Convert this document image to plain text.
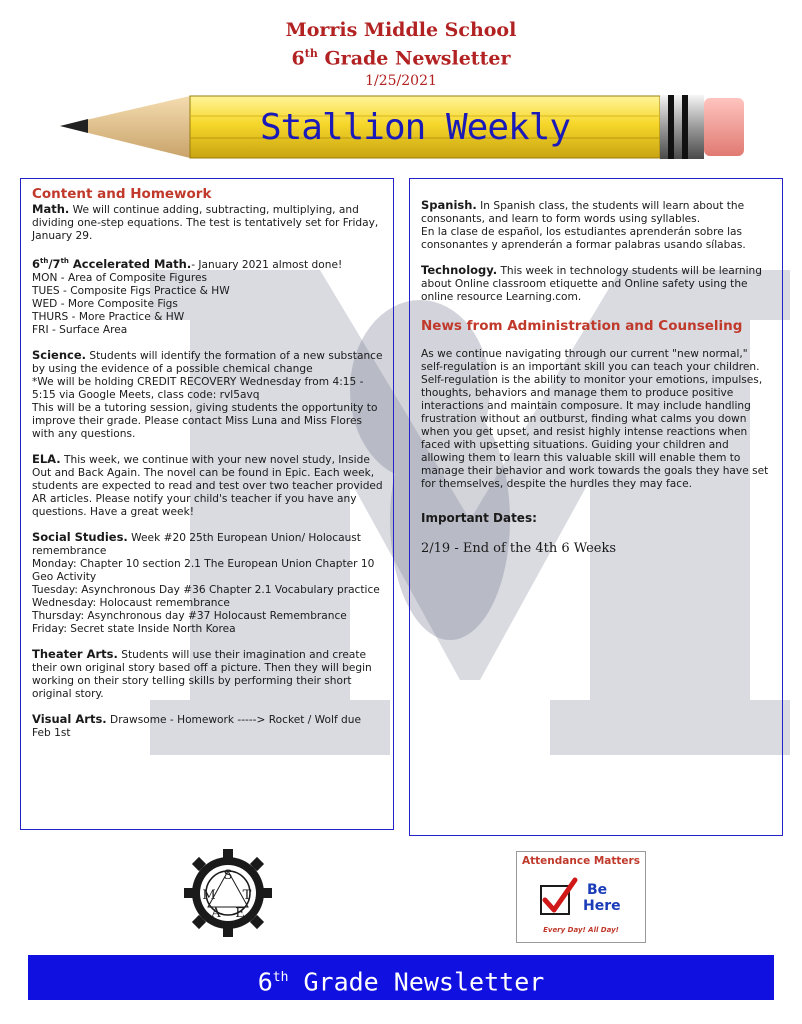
Morris Middle School
6th Grade Newsletter
1/25/2021
Stallion Weekly
Content and Homework

Math. We will continue adding, subtracting, multiplying, and dividing one-step equations. The test is tentatively set for Friday, January 29.

6th/7th Accelerated Math.- January 2021 almost done!
MON - Area of Composite Figures
TUES - Composite Figs Practice & HW
WED - More Composite Figs
THURS - More Practice & HW
FRI - Surface Area

Science. Students will identify the formation of a new substance by using the evidence of a possible chemical change
*We will be holding CREDIT RECOVERY Wednesday from 4:15 - 5:15 via Google Meets, class code: rvl5avq
This will be a tutoring session, giving students the opportunity to improve their grade. Please contact Miss Luna and Miss Flores with any questions.

ELA. This week, we continue with your new novel study, Inside Out and Back Again. The novel can be found in Epic. Each week, students are expected to read and test over two teacher provided AR articles. Please notify your child's teacher if you have any questions. Have a great week!

Social Studies. Week #20 25th European Union/ Holocaust remembrance
Monday: Chapter 10 section 2.1 The European Union Chapter 10 Geo Activity
Tuesday: Asynchronous Day #36 Chapter 2.1 Vocabulary practice
Wednesday: Holocaust remembrance
Thursday: Asynchronous day #37 Holocaust Remembrance
Friday: Secret state Inside North Korea

Theater Arts. Students will use their imagination and create their own original story based off a picture. Then they will begin working on their story telling skills by performing their short original story.

Visual Arts. Drawsome - Homework -----> Rocket / Wolf due Feb 1st

Spanish. In Spanish class, the students will learn about the consonants, and learn to form words using syllables.
En la clase de español, los estudiantes aprenderán sobre las consonantes y aprenderán a formar palabras usando sílabas.

Technology. This week in technology students will be learning about Online classroom etiquette and Online safety using the online resource Learning.com.

News from Administration and Counseling

As we continue navigating through our current "new normal," self-regulation is an important skill you can teach your children. Self-regulation is the ability to monitor your emotions, impulses, thoughts, behaviors and manage them to produce positive interactions and maintain composure. It may include handling frustration without an outburst, finding what calms you down when you get upset, and resist highly intense reactions when faced with upsetting situations. Guiding your children and allowing them to learn this valuable skill will enable them to manage their behavior and work towards the goals they have set for themselves, despite the hurdles they may face.

Important Dates:
2/19 - End of the 4th 6 Weeks
S
M T
A E
Attendance Matters
Be
Here
Every Day! All Day!
6th Grade Newsletter
